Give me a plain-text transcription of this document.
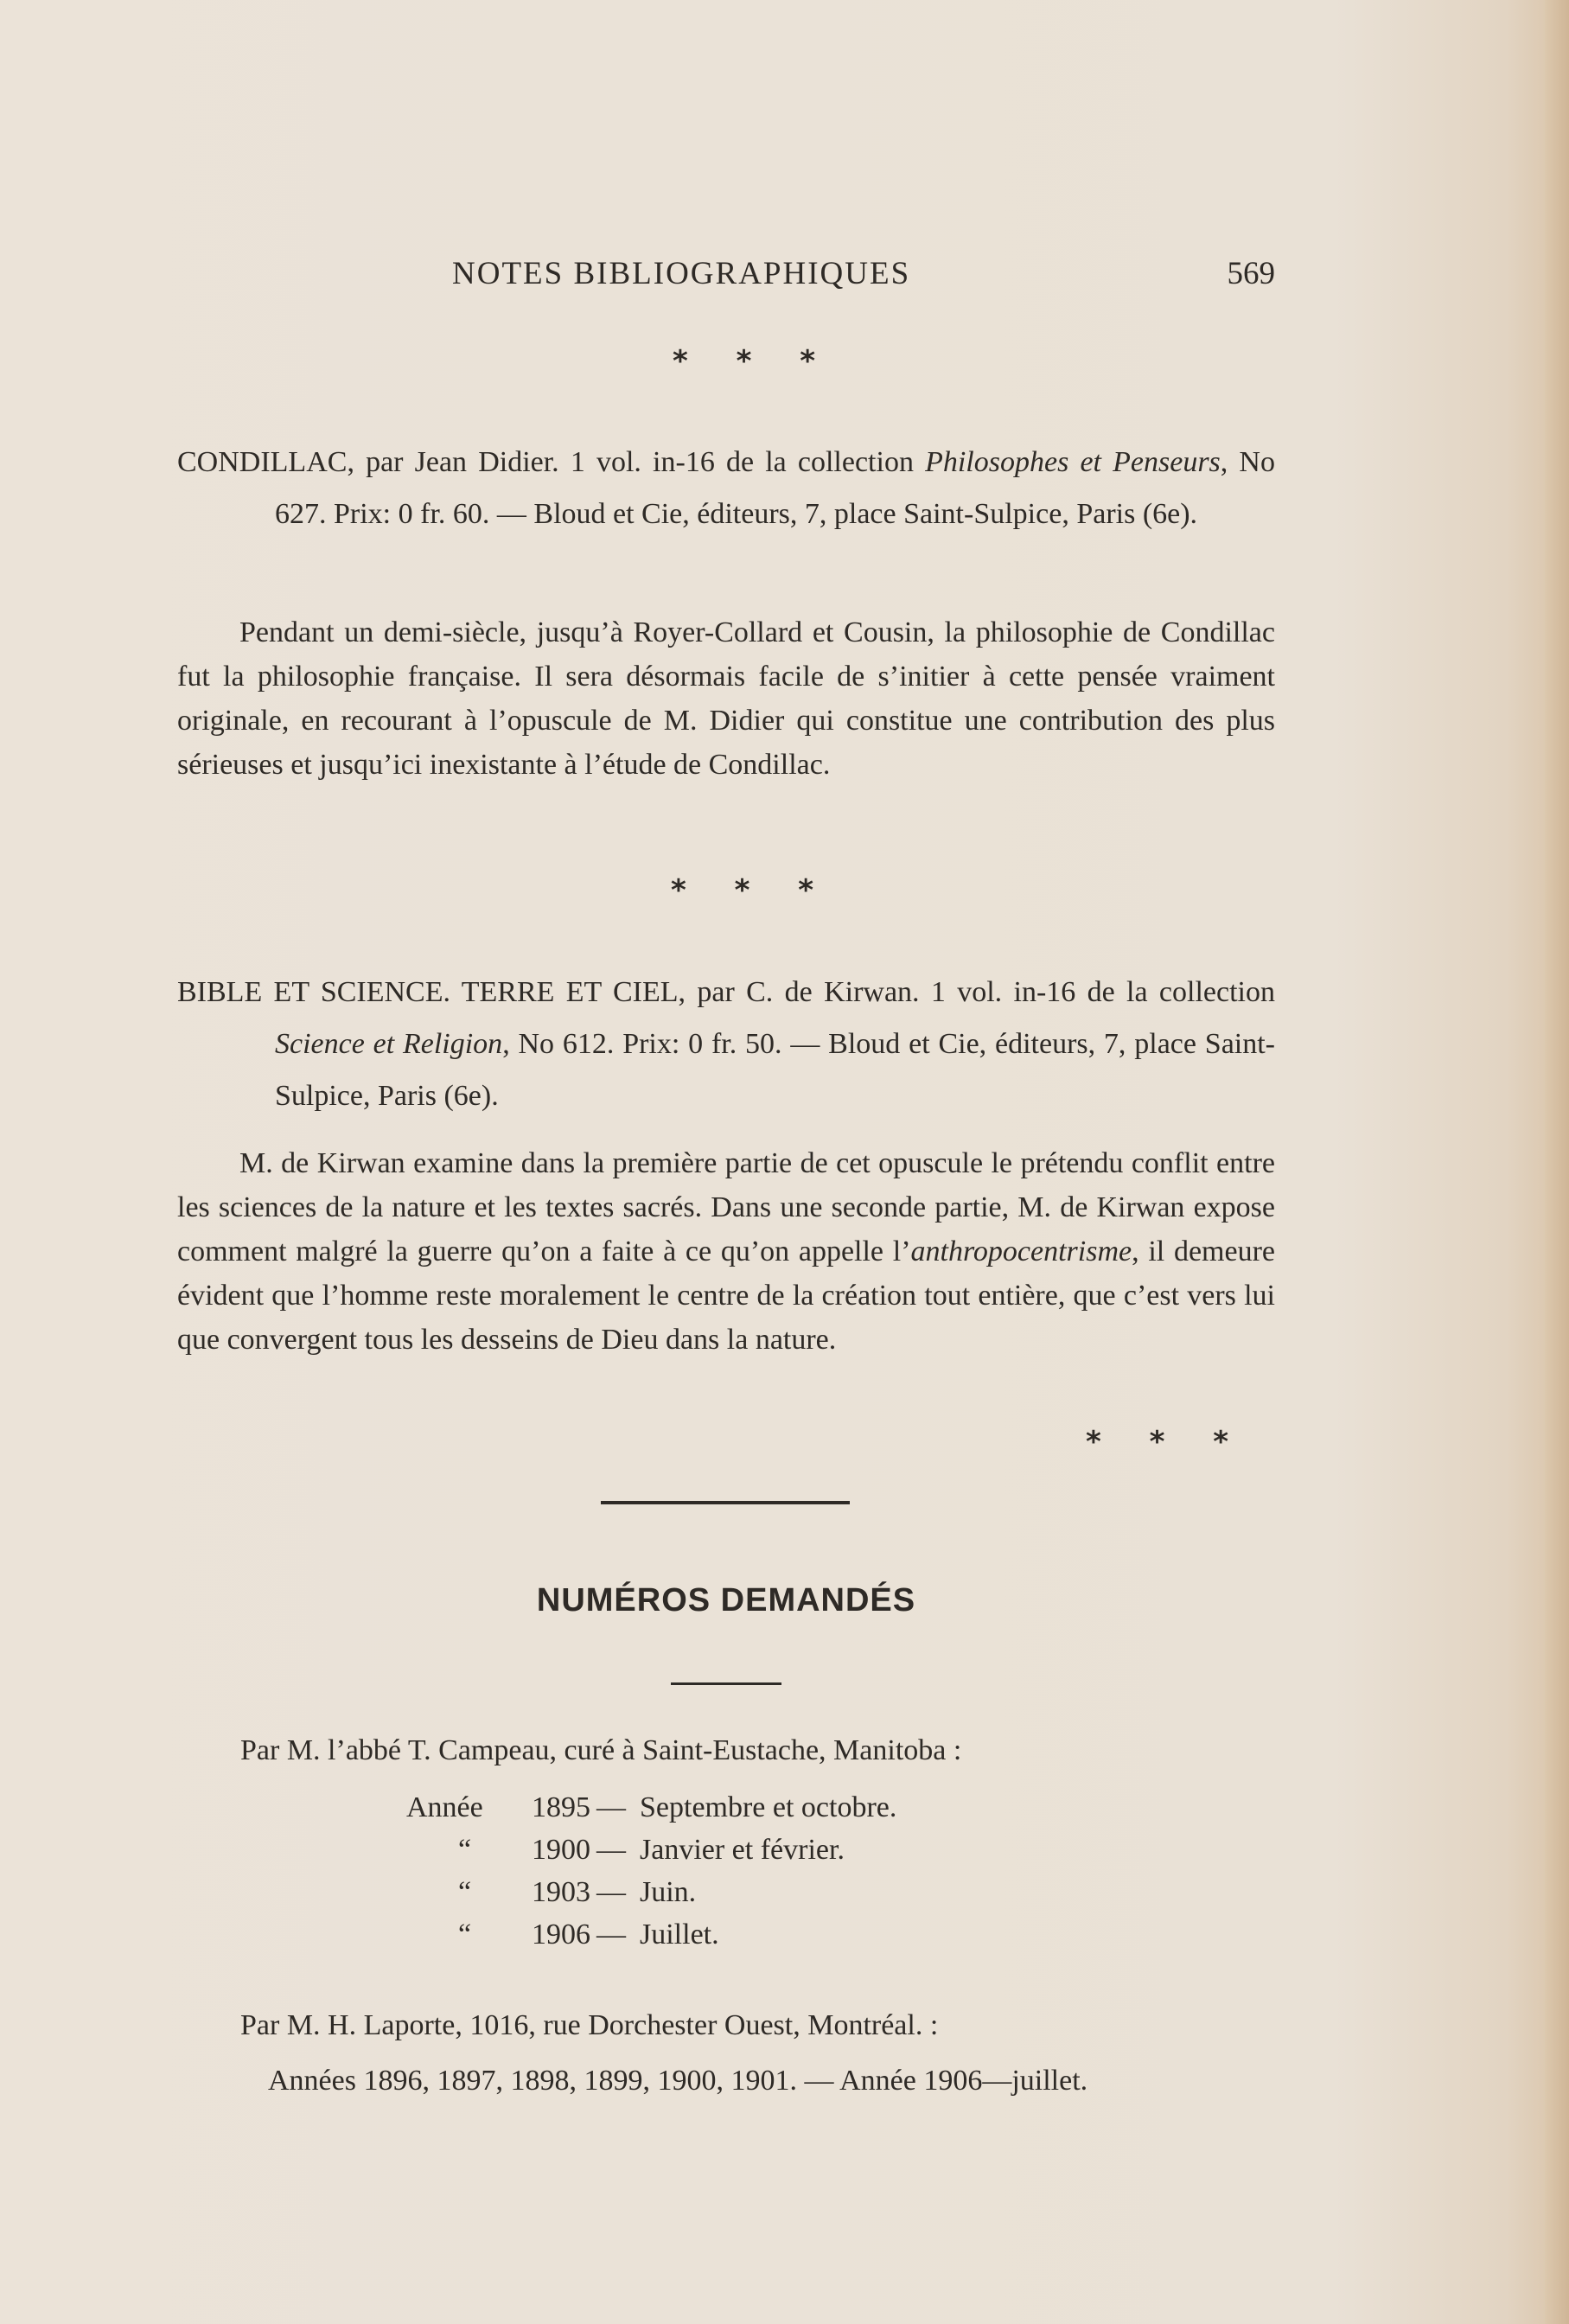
NOTES BIBLIOGRAPHIQUES	569
* * *
CONDILLAC, par Jean Didier. 1 vol. in-16 de la collection Philosophes et Penseurs, No 627. Prix: 0 fr. 60. — Bloud et Cie, éditeurs, 7, place Saint-Sulpice, Paris (6e).
Pendant un demi-siècle, jusqu’à Royer-Collard et Cousin, la philosophie de Condillac fut la philosophie française. Il sera désormais facile de s’initier à cette pensée vraiment originale, en recourant à l’opuscule de M. Didier qui constitue une contribution des plus sérieuses et jusqu’ici inexistante à l’étude de Condillac.
* * *
BIBLE ET SCIENCE. TERRE ET CIEL, par C. de Kirwan. 1 vol. in-16 de la collection Science et Religion, No 612. Prix: 0 fr. 50. — Bloud et Cie, éditeurs, 7, place Saint-Sulpice, Paris (6e).
M. de Kirwan examine dans la première partie de cet opuscule le prétendu conflit entre les sciences de la nature et les textes sacrés. Dans une seconde partie, M. de Kirwan expose comment malgré la guerre qu’on a faite à ce qu’on appelle l’anthropocentrisme, il demeure évident que l’homme reste moralement le centre de la création tout entière, que c’est vers lui que convergent tous les desseins de Dieu dans la nature.
* * *
NUMÉROS DEMANDÉS
Par M. l’abbé T. Campeau, curé à Saint-Eustache, Manitoba :
Année	1895 — Septembre et octobre.
“	1900 — Janvier et février.
“	1903 — Juin.
“	1906 — Juillet.
Par M. H. Laporte, 1016, rue Dorchester Ouest, Montréal. :
Années 1896, 1897, 1898, 1899, 1900, 1901. — Année 1906—juillet.
